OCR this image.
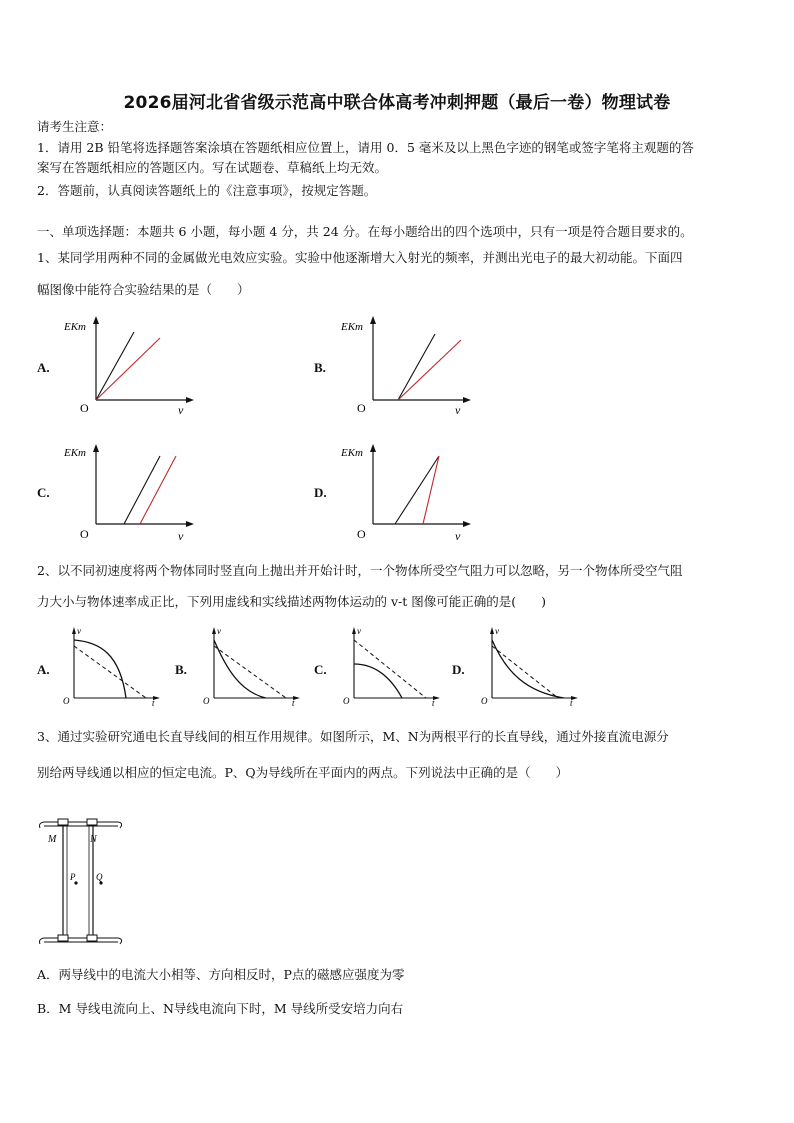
2026届河北省省级示范高中联合体高考冲刺押题（最后一卷）物理试卷
请考生注意：
1．请用 2B 铅笔将选择题答案涂填在答题纸相应位置上，请用 0．5 毫米及以上黑色字迹的钢笔或签字笔将主观题的答
案写在答题纸相应的答题区内。写在试题卷、草稿纸上均无效。
2．答题前，认真阅读答题纸上的《注意事项》，按规定答题。
一、单项选择题：本题共 6 小题，每小题 4 分，共 24 分。在每小题给出的四个选项中，只有一项是符合题目要求的。
1、某同学用两种不同的金属做光电效应实验。实验中他逐渐增大入射光的频率，并测出光电子的最大初动能。下面四
幅图像中能符合实验结果的是（　　）
A.	B.
C.	D.
EKm
O	ν
EKm
O	ν
EKm
O	ν
EKm
O	ν
2、以不同初速度将两个物体同时竖直向上抛出并开始计时，一个物体所受空气阻力可以忽略，另一个物体所受空气阻
力大小与物体速率成正比，下列用虚线和实线描述两物体运动的 v-t 图像可能正确的是(　　)
A.	B.	C.	D.
v
O	t
v
O	t
v
O	t
v
O	t
3、通过实验研究通电长直导线间的相互作用规律。如图所示，M、N为两根平行的长直导线，通过外接直流电源分
别给两导线通以相应的恒定电流。P、Q为导线所在平面内的两点。下列说法中正确的是（　　）
M	N
P Q
A．两导线中的电流大小相等、方向相反时，P点的磁感应强度为零
B．M 导线电流向上、N导线电流向下时，M 导线所受安培力向右
